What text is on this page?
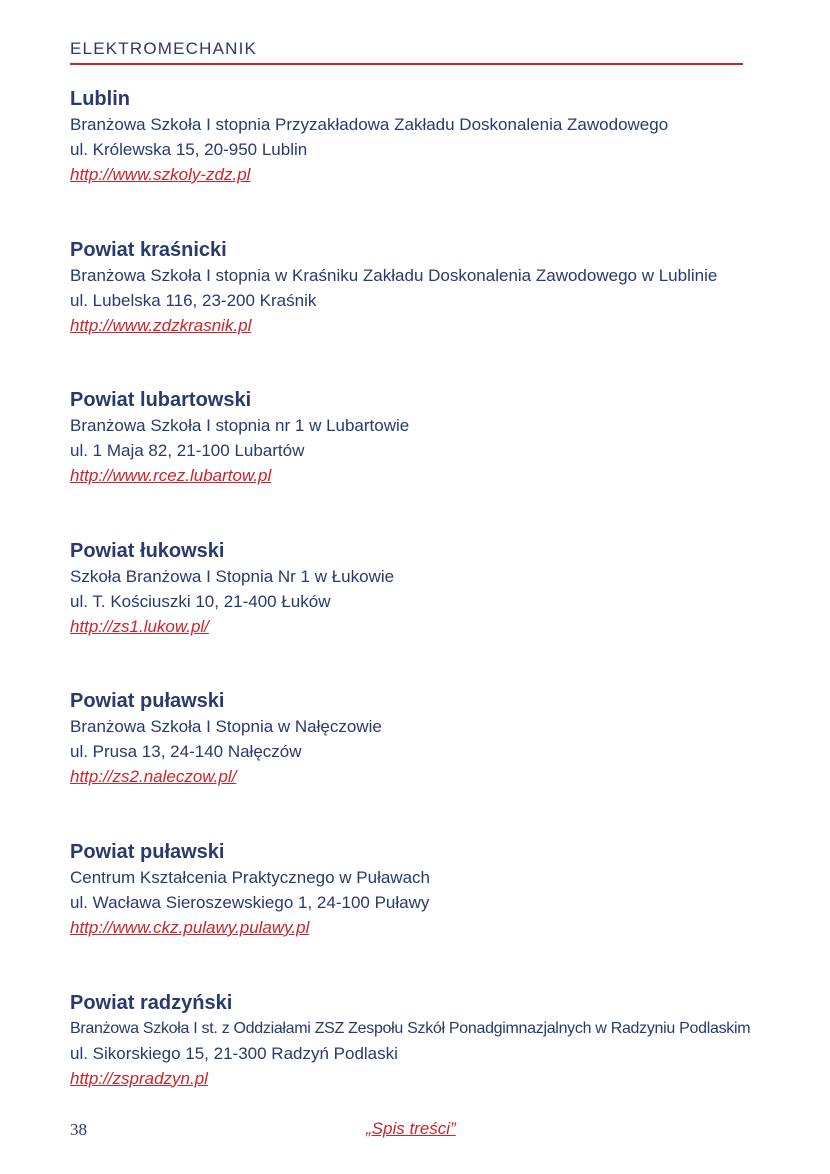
ELEKTROMECHANIK
Lublin
Branżowa Szkoła I stopnia Przyzakładowa Zakładu Doskonalenia Zawodowego
ul. Królewska 15, 20-950 Lublin
http://www.szkoly-zdz.pl
Powiat kraśnicki
Branżowa Szkoła I stopnia w Kraśniku Zakładu Doskonalenia Zawodowego w Lublinie
ul. Lubelska 116, 23-200 Kraśnik
http://www.zdzkrasnik.pl
Powiat lubartowski
Branżowa Szkoła I stopnia nr 1 w Lubartowie
ul. 1 Maja 82, 21-100 Lubartów
http://www.rcez.lubartow.pl
Powiat łukowski
Szkoła Branżowa I Stopnia Nr 1 w Łukowie
ul. T. Kościuszki 10, 21-400 Łuków
http://zs1.lukow.pl/
Powiat puławski
Branżowa Szkoła I Stopnia w Nałęczowie
ul. Prusa 13, 24-140 Nałęczów
http://zs2.naleczow.pl/
Powiat puławski
Centrum Kształcenia Praktycznego w Puławach
ul. Wacława Sieroszewskiego 1, 24-100 Puławy
http://www.ckz.pulawy.pulawy.pl
Powiat radzyński
Branżowa Szkoła I st. z Oddziałami ZSZ Zespołu Szkół Ponadgimnazjalnych w Radzyniu Podlaskim
ul. Sikorskiego 15, 21-300 Radzyń Podlaski
http://zspradzyn.pl
38	„Spis treści”
